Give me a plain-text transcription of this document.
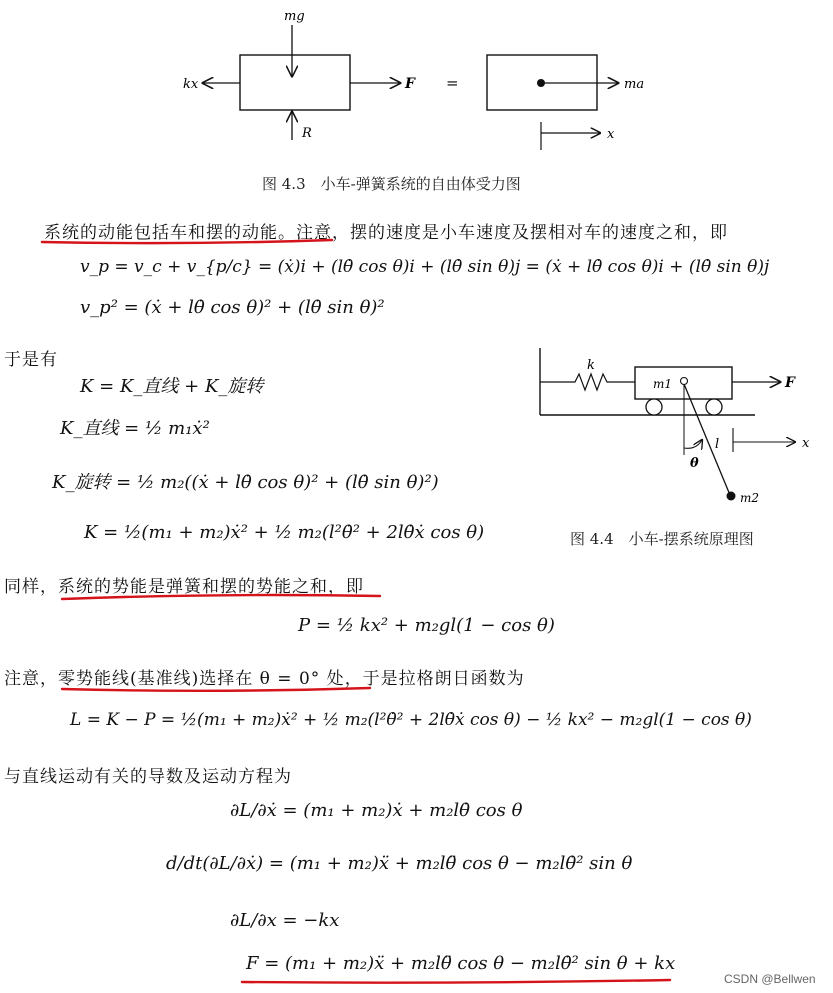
mg
kx	F
R
=	ma
x
图 4.3　小车-弹簧系统的自由体受力图
系统的动能包括车和摆的动能。注意，摆的速度是小车速度及摆相对车的速度之和，即
v_p = v_c + v_{p/c} = (ẋ)i + (lθ̇ cos θ)i + (lθ̇ sin θ)j = (ẋ + lθ̇ cos θ)i + (lθ̇ sin θ)j
v_p² = (ẋ + lθ̇ cos θ)² + (lθ̇ sin θ)²
于是有
K = K_直线 + K_旋转
K_直线 = ½ m₁ẋ²
K_旋转 = ½ m₂((ẋ + lθ̇ cos θ)² + (lθ̇ sin θ)²)
K = ½(m₁ + m₂)ẋ² + ½ m₂(l²θ̇² + 2lθ̇ẋ cos θ)
k
m1	F
m2
θ
l	x
图 4.4　小车-摆系统原理图
同样，系统的势能是弹簧和摆的势能之和，即
P = ½ kx² + m₂gl(1 − cos θ)
注意，零势能线(基准线)选择在 θ = 0° 处，于是拉格朗日函数为
L = K − P = ½(m₁ + m₂)ẋ² + ½ m₂(l²θ̇² + 2lθ̇ẋ cos θ) − ½ kx² − m₂gl(1 − cos θ)
与直线运动有关的导数及运动方程为
∂L/∂ẋ = (m₁ + m₂)ẋ + m₂lθ̇ cos θ
d/dt(∂L/∂ẋ) = (m₁ + m₂)ẍ + m₂lθ̈ cos θ − m₂lθ̇² sin θ
∂L/∂x = −kx
F = (m₁ + m₂)ẍ + m₂lθ̈ cos θ − m₂lθ̇² sin θ + kx
CSDN @Bellwen
